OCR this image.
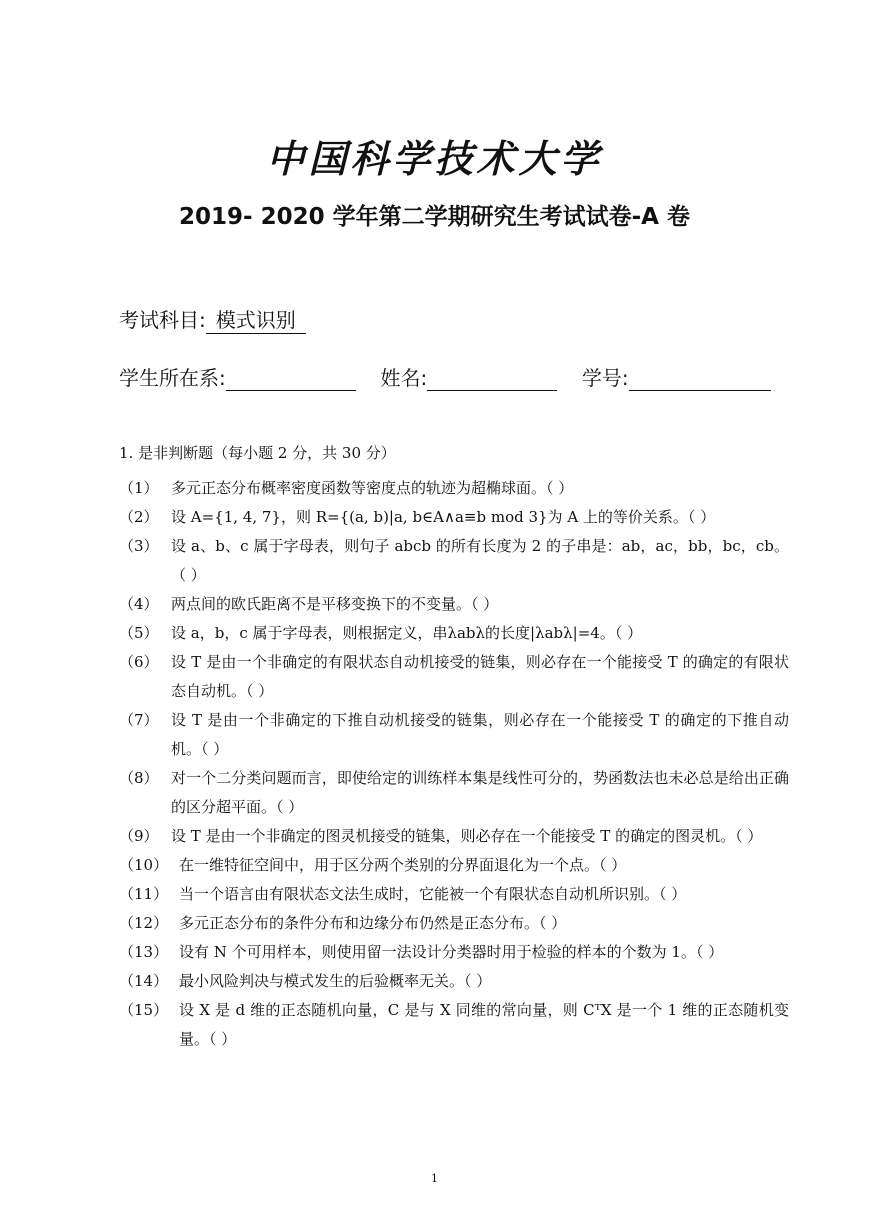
中国科学技术大学
2019- 2020 学年第二学期研究生考试试卷-A 卷
考试科目: 模式识别
学生所在系:	姓名:	学号:
1. 是非判断题（每小题 2 分，共 30 分）
（1） 多元正态分布概率密度函数等密度点的轨迹为超椭球面。（ ）
（2） 设 A={1, 4, 7}，则 R={(a, b)|a, b∈A∧a≡b mod 3}为 A 上的等价关系。（ ）
（3） 设 a、b、c 属于字母表，则句子 abcb 的所有长度为 2 的子串是：ab，ac，bb，bc，cb。（ ）
（4） 两点间的欧氏距离不是平移变换下的不变量。（ ）
（5） 设 a，b，c 属于字母表，则根据定义，串λabλ的长度|λabλ|=4。（ ）
（6） 设 T 是由一个非确定的有限状态自动机接受的链集，则必存在一个能接受 T 的确定的有限状态自动机。（ ）
（7） 设 T 是由一个非确定的下推自动机接受的链集，则必存在一个能接受 T 的确定的下推自动机。（ ）
（8） 对一个二分类问题而言，即使给定的训练样本集是线性可分的，势函数法也未必总是给出正确的区分超平面。（ ）
（9） 设 T 是由一个非确定的图灵机接受的链集，则必存在一个能接受 T 的确定的图灵机。（ ）
（10） 在一维特征空间中，用于区分两个类别的分界面退化为一个点。（ ）
（11） 当一个语言由有限状态文法生成时，它能被一个有限状态自动机所识别。（ ）
（12） 多元正态分布的条件分布和边缘分布仍然是正态分布。（ ）
（13） 设有 N 个可用样本，则使用留一法设计分类器时用于检验的样本的个数为 1。（ ）
（14） 最小风险判决与模式发生的后验概率无关。（ ）
（15） 设 X 是 d 维的正态随机向量，C 是与 X 同维的常向量，则 CᵀX 是一个 1 维的正态随机变量。（ ）
1
